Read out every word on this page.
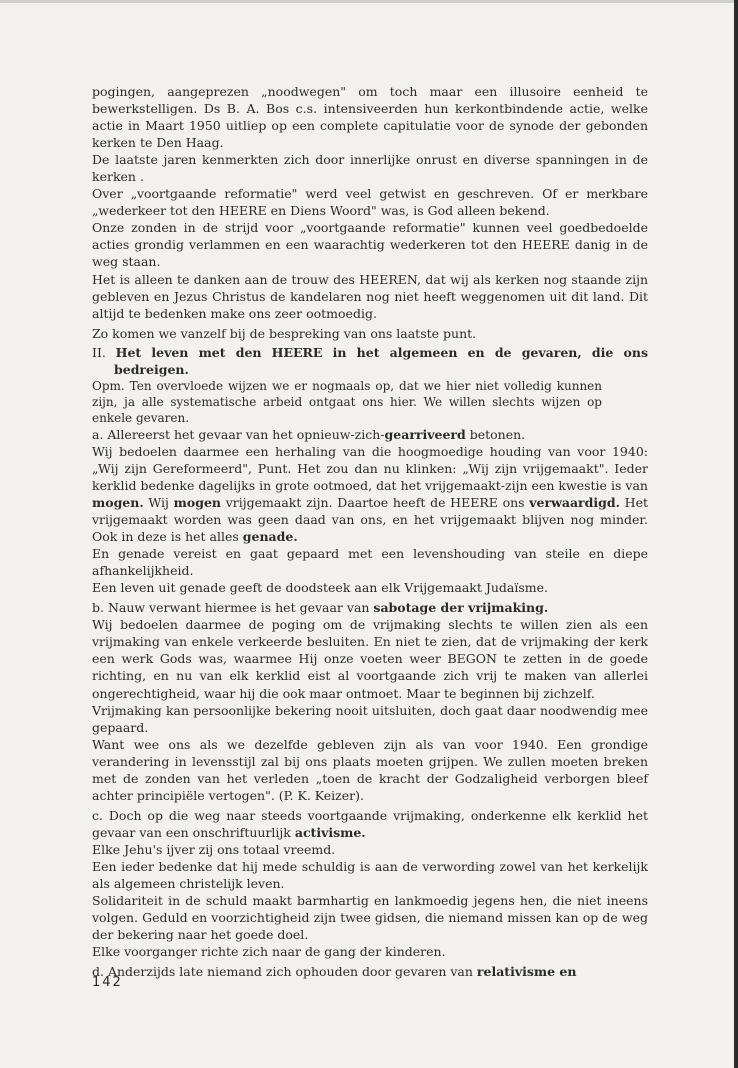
pogingen, aangeprezen „noodwegen" om toch maar een illusoire eenheid te bewerkstelligen. Ds B. A. Bos c.s. intensiveerden hun kerkontbindende actie, welke actie in Maart 1950 uitliep op een complete capitulatie voor de synode der gebonden kerken te Den Haag.

De laatste jaren kenmerkten zich door innerlijke onrust en diverse spanningen in de kerken .

Over „voortgaande reformatie" werd veel getwist en geschreven. Of er merkbare „wederkeer tot den HEERE en Diens Woord" was, is God alleen bekend.

Onze zonden in de strijd voor „voortgaande reformatie" kunnen veel goedbedoelde acties grondig verlammen en een waarachtig wederkeren tot den HEERE danig in de weg staan.

Het is alleen te danken aan de trouw des HEEREN, dat wij als kerken nog staande zijn gebleven en Jezus Christus de kandelaren nog niet heeft weggenomen uit dit land. Dit altijd te bedenken make ons zeer ootmoedig.

Zo komen we vanzelf bij de bespreking van ons laatste punt.

II. Het leven met den HEERE in het algemeen en de gevaren, die ons bedreigen.

Opm. Ten overvloede wijzen we er nogmaals op, dat we hier niet volledig kunnen zijn, ja alle systematische arbeid ontgaat ons hier. We willen slechts wijzen op enkele gevaren.

a. Allereerst het gevaar van het opnieuw-zich-gearriveerd betonen.

Wij bedoelen daarmee een herhaling van die hoogmoedige houding van voor 1940: „Wij zijn Gereformeerd", Punt. Het zou dan nu klinken: „Wij zijn vrijgemaakt". Ieder kerklid bedenke dagelijks in grote ootmoed, dat het vrijgemaakt-zijn een kwestie is van mogen. Wij mogen vrijgemaakt zijn. Daartoe heeft de HEERE ons verwaardigd. Het vrijgemaakt worden was geen daad van ons, en het vrijgemaakt blijven nog minder. Ook in deze is het alles genade.

En genade vereist en gaat gepaard met een levenshouding van steile en diepe afhankelijkheid.

Een leven uit genade geeft de doodsteek aan elk Vrijgemaakt Judaïsme.

b. Nauw verwant hiermee is het gevaar van sabotage der vrijmaking.

Wij bedoelen daarmee de poging om de vrijmaking slechts te willen zien als een vrijmaking van enkele verkeerde besluiten. En niet te zien, dat de vrijmaking der kerk een werk Gods was, waarmee Hij onze voeten weer BEGON te zetten in de goede richting, en nu van elk kerklid eist al voortgaande zich vrij te maken van allerlei ongerechtigheid, waar hij die ook maar ontmoet. Maar te beginnen bij zichzelf.

Vrijmaking kan persoonlijke bekering nooit uitsluiten, doch gaat daar noodwendig mee gepaard.

Want wee ons als we dezelfde gebleven zijn als van voor 1940. Een grondige verandering in levensstijl zal bij ons plaats moeten grijpen. We zullen moeten breken met de zonden van het verleden „toen de kracht der Godzaligheid verborgen bleef achter principiële vertogen". (P. K. Keizer).

c. Doch op die weg naar steeds voortgaande vrijmaking, onderkenne elk kerklid het gevaar van een onschriftuurlijk activisme.

Elke Jehu's ijver zij ons totaal vreemd.

Een ieder bedenke dat hij mede schuldig is aan de verwording zowel van het kerkelijk als algemeen christelijk leven.

Solidariteit in de schuld maakt barmhartig en lankmoedig jegens hen, die niet ineens volgen. Geduld en voorzichtigheid zijn twee gidsen, die niemand missen kan op de weg der bekering naar het goede doel.

Elke voorganger richte zich naar de gang der kinderen.

d. Anderzijds late niemand zich ophouden door gevaren van relativisme en

142
